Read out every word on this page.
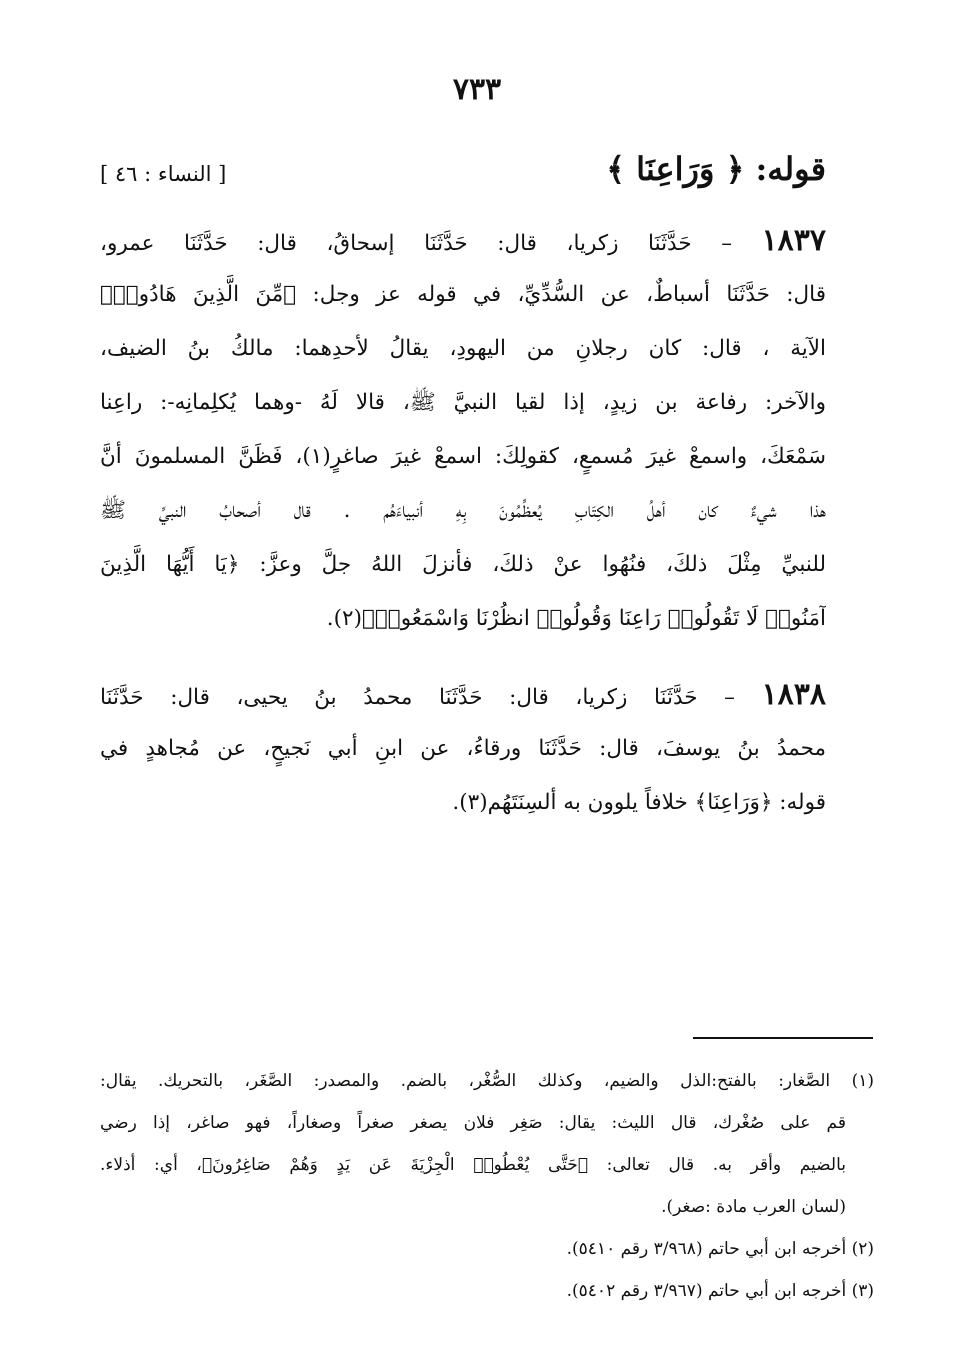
٧٣٣
قوله: ﴿ وَرَاعِنَا ﴾
[ النساء : ٤٦ ]
١٨٣٧ – حَدَّثَنَا زكريا، قال: حَدَّثَنَا إسحاقُ، قال: حَدَّثَنَا عمرو،
قال: حَدَّثَنَا أسباطٌ، عن السُّدِّيِّ، في قوله عز وجل: ﴿مِّنَ الَّذِينَ هَادُوا۟﴾
الآية ، قال: كان رجلانِ من اليهودِ، يقالُ لأحدِهما: مالكُ بنُ الضيف،
والآخر: رفاعة بن زيدٍ، إذا لقيا النبيَّ ﷺ، قالا لَهُ -وهما يُكلِمانِه-: راعِنا
سَمْعَكَ، واسمعْ غيرَ مُسمعٍ، كقولِكَ: اسمعْ غيرَ صاغرٍ(١)، فَظَنَّ المسلمونَ أنَّ
هذا شيءٌ كان أهلُ الكِتَابِ يُعظِّمُونَ بِهِ أنبياءَهُم . قال أصحابُ النبيِّ ﷺ
للنبيِّ مِثْلَ ذلكَ، فنُهُوا عنْ ذلكَ، فأنزلَ اللهُ جلَّ وعزَّ: ﴿يَا أَيُّهَا الَّذِينَ
آمَنُوا۟ لَا تَقُولُوا۟ رَاعِنَا وَقُولُوا۟ انظُرْنَا وَاسْمَعُوا۟﴾(٢).
١٨٣٨ – حَدَّثَنَا زكريا، قال: حَدَّثَنَا محمدُ بنُ يحيى، قال: حَدَّثَنَا
محمدُ بنُ يوسفَ، قال: حَدَّثَنَا ورقاءُ، عن ابنِ أبي نَجيحٍ، عن مُجاهدٍ في
قوله: ﴿وَرَاعِنَا﴾ خلافاً يلوون به ألسِنَتَهُم(٣).
(١) الصَّغار: بالفتح:الذل والضيم، وكذلك الصُّغْر، بالضم. والمصدر: الصَّغَر، بالتحريك. يقال:
قم على صُغْرك، قال الليث: يقال: صَغِر فلان يصغر صغراً وصغاراً، فهو صاغر، إذا رضي
بالضيم وأقر به. قال تعالى: ﴿حَتَّى يُعْطُوا۟ الْجِزْيَةَ عَن يَدٍ وَهُمْ صَاغِرُونَ﴾، أي: أذلاء.
(لسان العرب مادة :صغر).
(٢) أخرجه ابن أبي حاتم (٣/٩٦٨ رقم ٥٤١٠).
(٣) أخرجه ابن أبي حاتم (٣/٩٦٧ رقم ٥٤٠٢).
